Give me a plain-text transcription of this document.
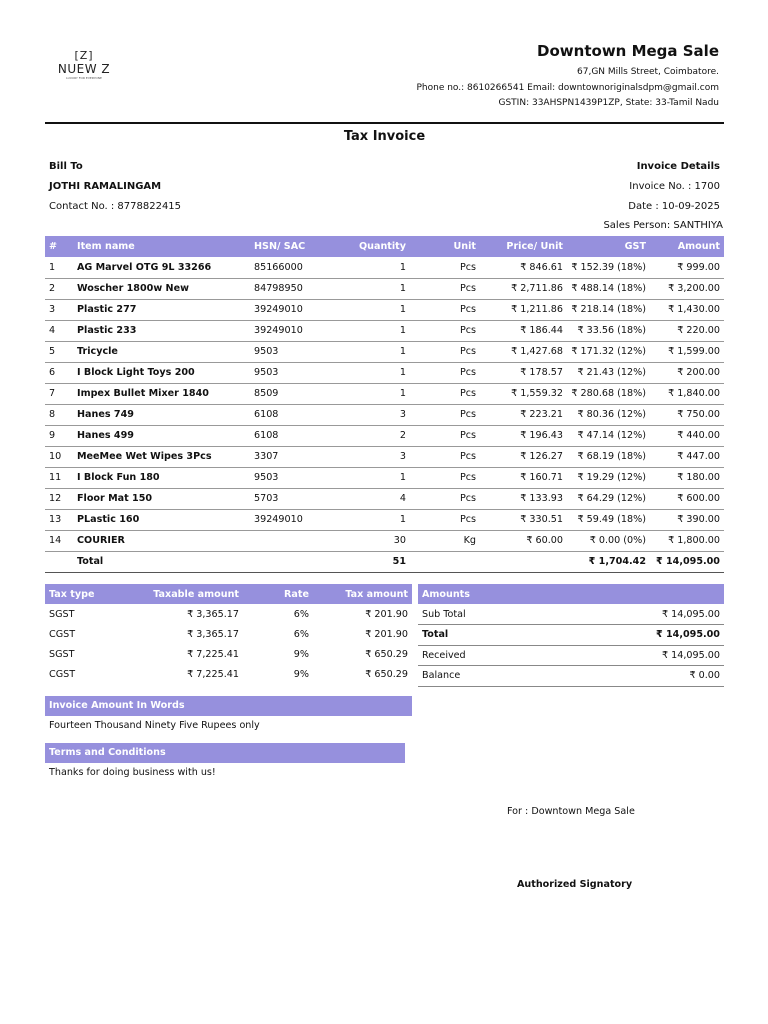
[Z]
NUEW Z
LUXURY FOR EVERYONE
Downtown Mega Sale
67,GN Mills Street, Coimbatore.
Phone no.: 8610266541 Email: downtownoriginalsdpm@gmail.com
GSTIN: 33AHSPN1439P1ZP, State: 33-Tamil Nadu
Tax Invoice
Bill To
JOTHI RAMALINGAM
Contact No. : 8778822415
Invoice Details
Invoice No. : 1700
Date : 10-09-2025
Sales Person: SANTHIYA
#	Item name	HSN/ SAC	Quantity	Unit	Price/ Unit	GST	Amount
1	AG Marvel OTG 9L 33266	85166000	1	Pcs	₹ 846.61	₹ 152.39 (18%)	₹ 999.00
2	Woscher 1800w New	84798950	1	Pcs	₹ 2,711.86	₹ 488.14 (18%)	₹ 3,200.00
3	Plastic 277	39249010	1	Pcs	₹ 1,211.86	₹ 218.14 (18%)	₹ 1,430.00
4	Plastic 233	39249010	1	Pcs	₹ 186.44	₹ 33.56 (18%)	₹ 220.00
5	Tricycle	9503	1	Pcs	₹ 1,427.68	₹ 171.32 (12%)	₹ 1,599.00
6	I Block Light Toys 200	9503	1	Pcs	₹ 178.57	₹ 21.43 (12%)	₹ 200.00
7	Impex Bullet Mixer 1840	8509	1	Pcs	₹ 1,559.32	₹ 280.68 (18%)	₹ 1,840.00
8	Hanes 749	6108	3	Pcs	₹ 223.21	₹ 80.36 (12%)	₹ 750.00
9	Hanes 499	6108	2	Pcs	₹ 196.43	₹ 47.14 (12%)	₹ 440.00
10	MeeMee Wet Wipes 3Pcs	3307	3	Pcs	₹ 126.27	₹ 68.19 (18%)	₹ 447.00
11	I Block Fun 180	9503	1	Pcs	₹ 160.71	₹ 19.29 (12%)	₹ 180.00
12	Floor Mat 150	5703	4	Pcs	₹ 133.93	₹ 64.29 (12%)	₹ 600.00
13	PLastic 160	39249010	1	Pcs	₹ 330.51	₹ 59.49 (18%)	₹ 390.00
14	COURIER		30	Kg	₹ 60.00	₹ 0.00 (0%)	₹ 1,800.00
	Total		51			₹ 1,704.42	₹ 14,095.00
Tax type	Taxable amount	Rate	Tax amount
SGST	₹ 3,365.17	6%	₹ 201.90
CGST	₹ 3,365.17	6%	₹ 201.90
SGST	₹ 7,225.41	9%	₹ 650.29
CGST	₹ 7,225.41	9%	₹ 650.29
Amounts	
Sub Total	₹ 14,095.00
Total	₹ 14,095.00
Received	₹ 14,095.00
Balance	₹ 0.00
Invoice Amount In Words
Fourteen Thousand Ninety Five Rupees only
Terms and Conditions
Thanks for doing business with us!
For : Downtown Mega Sale
Authorized Signatory
